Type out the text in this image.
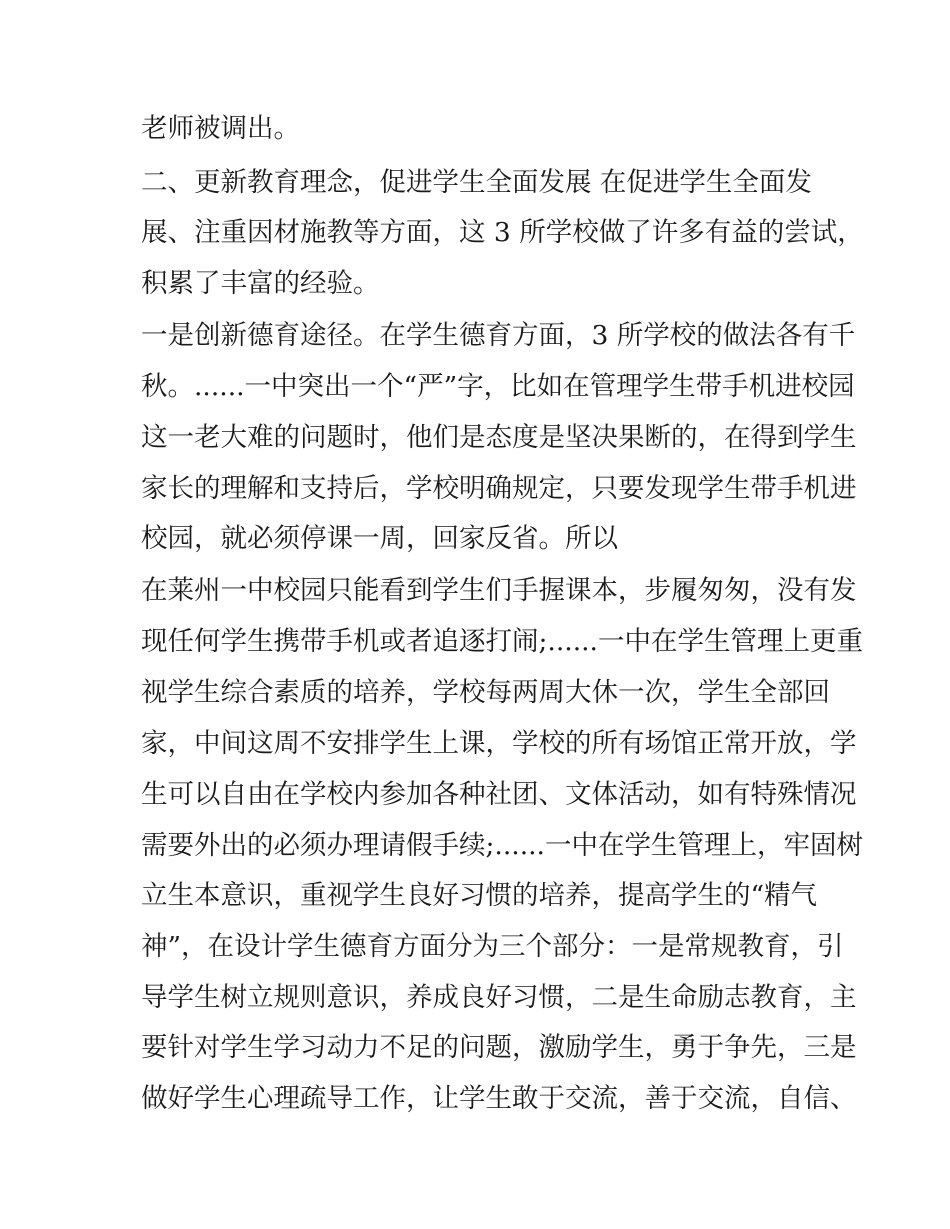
老师被调出。
二、更新教育理念，促进学生全面发展 在促进学生全面发
展、注重因材施教等方面，这 3 所学校做了许多有益的尝试，
积累了丰富的经验。
一是创新德育途径。在学生德育方面，3 所学校的做法各有千
秋。......一中突出一个“严”字，比如在管理学生带手机进校园
这一老大难的问题时，他们是态度是坚决果断的，在得到学生
家长的理解和支持后，学校明确规定，只要发现学生带手机进
校园，就必须停课一周，回家反省。所以
在莱州一中校园只能看到学生们手握课本，步履匆匆，没有发
现任何学生携带手机或者追逐打闹;......一中在学生管理上更重
视学生综合素质的培养，学校每两周大休一次，学生全部回
家，中间这周不安排学生上课，学校的所有场馆正常开放，学
生可以自由在学校内参加各种社团、文体活动，如有特殊情况
需要外出的必须办理请假手续;......一中在学生管理上，牢固树
立生本意识，重视学生良好习惯的培养，提高学生的“精气
神”，在设计学生德育方面分为三个部分：一是常规教育，引
导学生树立规则意识，养成良好习惯，二是生命励志教育，主
要针对学生学习动力不足的问题，激励学生，勇于争先，三是
做好学生心理疏导工作，让学生敢于交流，善于交流，自信、
